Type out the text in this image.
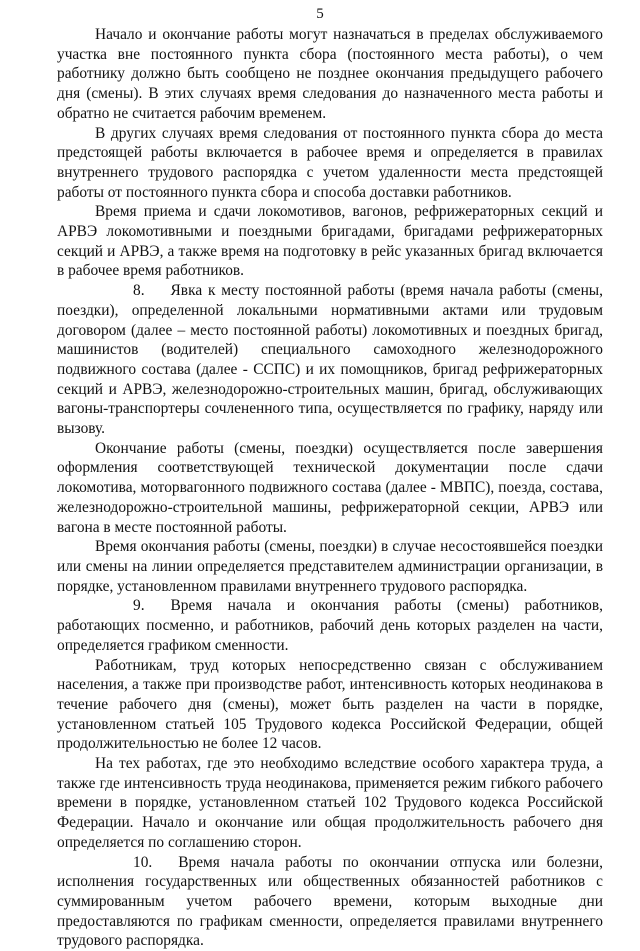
5

Начало и окончание работы могут назначаться в пределах обслуживаемого участка вне постоянного пункта сбора (постоянного места работы), о чем работнику должно быть сообщено не позднее окончания предыдущего рабочего дня (смены). В этих случаях время следования до назначенного места работы и обратно не считается рабочим временем.

В других случаях время следования от постоянного пункта сбора до места предстоящей работы включается в рабочее время и определяется в правилах внутреннего трудового распорядка с учетом удаленности места предстоящей работы от постоянного пункта сбора и способа доставки работников.

Время приема и сдачи локомотивов, вагонов, рефрижераторных секций и АРВЭ локомотивными и поездными бригадами, бригадами рефрижераторных секций и АРВЭ, а также время на подготовку в рейс указанных бригад включается в рабочее время работников.

8. Явка к месту постоянной работы (время начала работы (смены, поездки), определенной локальными нормативными актами или трудовым договором (далее – место постоянной работы) локомотивных и поездных бригад, машинистов (водителей) специального самоходного железнодорожного подвижного состава (далее - ССПС) и их помощников, бригад рефрижераторных секций и АРВЭ, железнодорожно-строительных машин, бригад, обслуживающих вагоны-транспортеры сочлененного типа, осуществляется по графику, наряду или вызову.

Окончание работы (смены, поездки) осуществляется после завершения оформления соответствующей технической документации после сдачи локомотива, моторвагонного подвижного состава (далее - МВПС), поезда, состава, железнодорожно-строительной машины, рефрижераторной секции, АРВЭ или вагона в месте постоянной работы.

Время окончания работы (смены, поездки) в случае несостоявшейся поездки или смены на линии определяется представителем администрации организации, в порядке, установленном правилами внутреннего трудового распорядка.

9. Время начала и окончания работы (смены) работников, работающих посменно, и работников, рабочий день которых разделен на части, определяется графиком сменности.

Работникам, труд которых непосредственно связан с обслуживанием населения, а также при производстве работ, интенсивность которых неодинакова в течение рабочего дня (смены), может быть разделен на части в порядке, установленном статьей 105 Трудового кодекса Российской Федерации, общей продолжительностью не более 12 часов.

На тех работах, где это необходимо вследствие особого характера труда, а также где интенсивность труда неодинакова, применяется режим гибкого рабочего времени в порядке, установленном статьей 102 Трудового кодекса Российской Федерации. Начало и окончание или общая продолжительность рабочего дня определяется по соглашению сторон.

10. Время начала работы по окончании отпуска или болезни, исполнения государственных или общественных обязанностей работников с суммированным учетом рабочего времени, которым выходные дни предоставляются по графикам сменности, определяется правилами внутреннего трудового распорядка.
